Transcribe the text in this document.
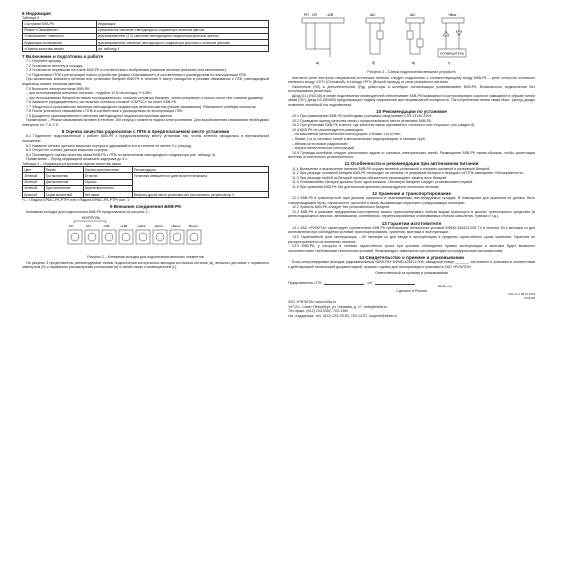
6 Индикация
Таблица 3
Состояние БКВ-РК	Индикация
Режим «Связывание»	прерывистое свечение светодиодного индикатора зеленым цветом
«Связывание» завешено	кратковременное (2 с) свечение светодиодного индикатора красным цветом
Индикация оповещения	кратковременное свечение светодиодного индикатора красным и зеленым цветами
«Оценка качества связи»	см. таблицу 4
7 Включение и подготовка к работе
7.1 Откройте крышку.
7.2 Установите антенну в колодку.
7.3 Установите перемычки на плате БКВ-РК в соответствии с выбранным режимом питания (внешнее или автономное).
7.4 Подготовьте ППК к регистрации нового устройства (режим «Связывание») в соответствии с руководством по эксплуатации ППК.
При включении внешнего питания или установке батарей БКВ-РК в течение 5 минут находится в режиме связывания с ППК (светодиодный индикатор мигает зеленым цветом).
7.5 Включите электропитание БКВ-РК:
– при использовании внешнего питания – подайте 12 В на колодку «+12В»;
– при использовании батарей вставьте последовательно: сначала основную батарею, затем резервную и только после них снимите джампер.
7.6 Замкните (предварительно) сигнальные контакты кнопкой «СБРОС» на плате БКВ-РК.
7.7 Убедитесь в прерывистом свечении светодиодного индикатора зеленым цветом (режим связывания). Разомкните шлейфы контактов.
7.8 После успешного связывания с ППК в соответствии с руководством по эксплуатации ППК.
7.9 Дождитесь кратковременного свечения светодиодного индикатора красным цветом.
Примечание – Режим связывания активен в течение 100 секунд с момента подачи электропитания. Для возобновления связывания необходимо повторить пп. 7.6–7.9.
8 Оценка качества радиосвязи с ППК в предполагаемом месте установки
8.1 Поднесите подготовленный к работе БКВ-РК к предполагаемому месту установки так, чтобы антенна находилась в вертикальном положении.
8.2 Нажмите контакт датчика вскрытия корпуса и удерживайте его в течение не менее 3 с (секунд).
8.3 Отпустите контакт датчика вскрытия корпуса.
8.4 Произведите оценку качества связи БКВ-РК с ППК по включениям светодиодного индикатора (см. таблицу 4).
Примечание – Перед индикацией возможна задержка до 4 с.
Таблица 4 – Индикация результатов оценки качества связи
Цвет	Режим	Оценка качества связи	Рекомендации
Зеленый	Три включения	Отлично	Установка извещателя в данном месте возможна
Зеленый	Два включения	Хорошо	
Зеленый	Одно включение	Удовлетворительно	
Красный	Серия включений	Нет связи	Выбрать другое место установки или использовать ретранслятор *)
*) – «Ладога БРШС-РК-РТР» или «Ладога БРШС-РК-РТР» исп. 1
9 Внешние соединения БКВ-РК
Клеммная колодка для подключения БКВ-РК представлена на рисунке 2.
КОНТРОЛЬ
РП	ОП	-12В	+12В	+ШС1- -ШС2+ +Вых1- -Вых2+
Рисунок 2 – Клеммная колодка для подключения внешних элементов
На рисунке 3 представлены рекомендуемые схемы подключения контрольных выходов источника питания (а), внешних датчиков с нормально замкнутым (б) и нормально разомкнутыми контактами (в) и линий связи с оповещателем (г).
РП ОП	-12В
а)
ШС
б)
ШС
в)
+Вых
ОПОВЕЩАТЕЛЬ
г)
Рисунок 3 – Схемы подключения внешних устройств
Контакты реле контроля напряжения источника питания следует подключать к соответствующему входу БКВ-РК – реле контроля основного питания к входу «ОП» (Основной), а к входу «РП» (Второй провод) от реле резервного питания.
Оконечные (R0) и дополнительные (Rд) резисторы в шлейфах сигнализации устанавливают БКВ-РК. Возможность подключения без использования резистора.
Диод D1 (1N4148) в схеме подключения оповещателей обеспечивает БКВ-РК возможность контролировать короткое замыкание в обрыве линии связи (ЛС). Диод D2 (SB360) предотвращает подачу напряжения при неправильной полярности. Ток потребления линии связи Макс. (затор) диоды отменяют линейный ток подключения.
10 Рекомендации по установке
10.1 При размещении БКВ-РК необходимо учитывать свод правил СП3.13130.2009.
10.2 Проведите оценку качества связи с предполагаемого места установки БКВ-РК.
10.3 При установке БКВ-РК в месте, где качество связи оценивается «отлично» или «хорошо» (см. раздел 8).
10.4 БКВ-РК не рекомендуется размещать:
– на массивных металлических конструкциях и ближе 1 м от них;
– ближе 1 м от силовых линий и металлических водопроводных и газовых труб;
– вблизи источников радиопомех;
– внутри металлических конструкций.
10.5 Провода шлейфов следует располагать вдали от силовых электрических линий. Размещение БКВ-РК таким образом, чтобы ориентация антенны относительно установленного.
11 Особенности и рекомендации при автономном питании
11.1 Включение и выключение питания БКВ-РК осуществляется установкой и снятием основной и резервной батарей.
11.2 При разряде основной батареи БКВ-РК переходит на питание от резервной батареи и передает на ППК извещение «Неисправность».
11.3 При разряде любой из батарей питания обязательно производите замену всех батарей.
11.4 Устанавливать батареи должны быть однотипными. Основную батарею следует устанавливать первой.
11.5 При хранении БКВ-РК без длительном времени рекомендуется отключить питание.
12 Хранение и транспортирование
12.1 БКВ-РК в транспортной таре должны храниться в отапливаемых, вентилируемых складах. В помещении для хранения не должно быть токопроводящей пыли, паров кислот, щелочей и газов, вызывающих коррозию и разрушающих изоляцию.
12.2 Хранить БКВ-РК следует без установленных батарей.
12.3 БКВ-РК в упаковке предприятия-изготовителя можно транспортировать любым видом транспорта в крытых транспортных средствах (в железнодорожных вагонах, автомашинах, контейнерах, герметизированных отапливаемых отсеках самолетов, трюмах и т.д.).
13 Гарантии изготовителя
13.1 ЗАО «РИЭЛТА» гарантирует соответствие БКВ-РК требованиям технических условий БФКЮ.425412.008 ТУ в течение 63-х месяцев со дня изготовления при соблюдении условий транспортирования, хранения, монтажа и эксплуатации.
13.2 Гарантийный срок эксплуатации – 60 месяцев со дня ввода в эксплуатацию в пределах гарантийного срока хранения. Гарантия не распространяется на элементы питания.
13.3 БКВ-РК, у которого в течение гарантийного срока при условии соблюдения правил эксплуатации и монтажа будет выявлено несоответствие требованиям технических условий, безвозмездно заменяется или ремонтируется предприятием-изготовителем.
14 Свидетельство о приемке и упаковывании
Блок контролируемых выходов радиоканальный «БКВ-РК» БФКЮ.425412.008, заводской номер _______ изготовлен и упакован в соответствии с действующей технической документацией, признан годным для эксплуатации и упакован в ЗАО «РИЭЛТА».
Ответственный за приемку и упаковывание
Представитель ОТК	МП
месяц, год
Сделано в России
Изм. 0 от 08.07.2015
ЖС6136
ЗАО «РИЭЛТА» www.rielta.ru
197101, Санкт-Петербург, ул. Чапаева, д. 17, rielta@rielta.ru
Тел./факс: (812) 233-0302, 703-1360
тех. поддержка: тел. (812) 233-29-53, 703-13-57, support@rielta.ru
